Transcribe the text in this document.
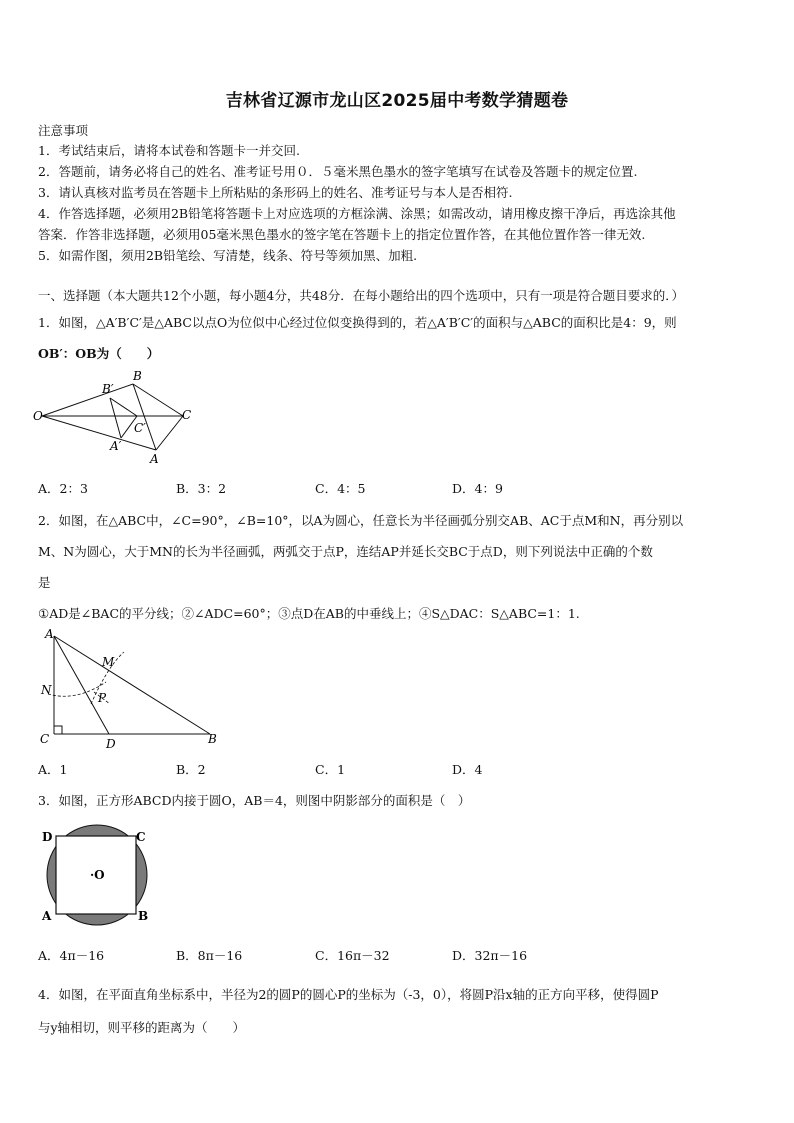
吉林省辽源市龙山区2025届中考数学猜题卷
注意事项
1．考试结束后，请将本试卷和答题卡一并交回.
2．答题前，请务必将自己的姓名、准考证号用０．５毫米黑色墨水的签字笔填写在试卷及答题卡的规定位置.
3．请认真核对监考员在答题卡上所粘贴的条形码上的姓名、准考证号与本人是否相符.
4．作答选择题，必须用2B铅笔将答题卡上对应选项的方框涂满、涂黑；如需改动，请用橡皮擦干净后，再选涂其他
答案．作答非选择题，必须用05毫米黑色墨水的签字笔在答题卡上的指定位置作答，在其他位置作答一律无效.
5．如需作图，须用2B铅笔绘、写清楚，线条、符号等须加黑、加粗.
一、选择题（本大题共12个小题，每小题4分，共48分．在每小题给出的四个选项中，只有一项是符合题目要求的．）
1．如图，△A′B′C′是△ABC以点O为位似中心经过位似变换得到的，若△A′B′C′的面积与△ABC的面积比是4：9，则
OB′：OB为（　　）
O
B
B′
C
C′
A′
A
A．2：3	B．3：2	C．4：5	D．4：9
2．如图，在△ABC中，∠C=90°，∠B=10°，以A为圆心，任意长为半径画弧分别交AB、AC于点M和N，再分别以
M、N为圆心，大于MN的长为半径画弧，两弧交于点P，连结AP并延长交BC于点D，则下列说法中正确的个数
是
①AD是∠BAC的平分线；②∠ADC=60°；③点D在AB的中垂线上；④S△DAC：S△ABC=1：1.
A
M
N
P
C	D	B
A．1	B．2	C．1	D．4
3．如图，正方形ABCD内接于圆O，AB＝4，则图中阴影部分的面积是（　）
D	C
·O
A	B
A．4π－16	B．8π－16	C．16π－32	D．32π－16
4．如图，在平面直角坐标系中，半径为2的圆P的圆心P的坐标为（-3，0），将圆P沿x轴的正方向平移，使得圆P
与y轴相切，则平移的距离为（　　）
